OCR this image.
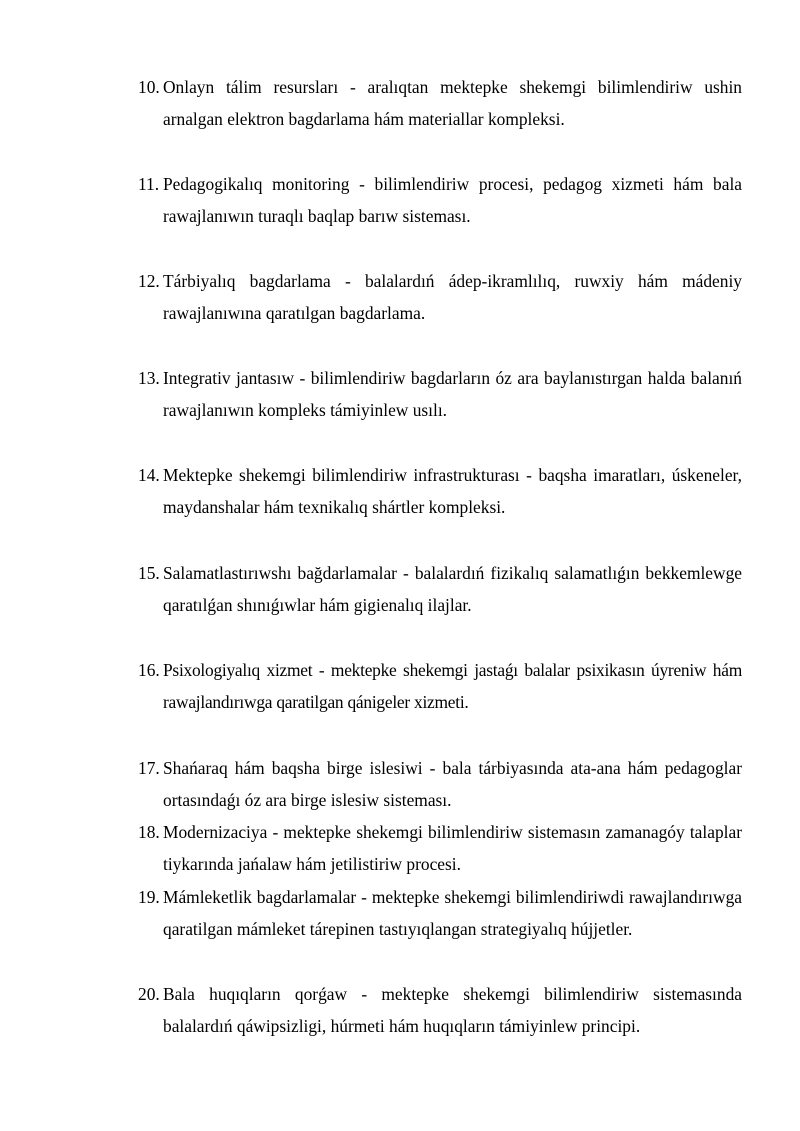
10. Onlayn tálim resursları - aralıqtan mektepke shekemgi bilimlendiriw ushin arnalgan elektron bagdarlama hám materiallar kompleksi.
11. Pedagogikalıq monitoring - bilimlendiriw procesi, pedagog xizmeti hám bala rawajlanıwın turaqlı baqlap barıw sisteması.
12. Tárbiyalıq bagdarlama - balalardıń ádep-ikramlılıq, ruwxiy hám mádeniy rawajlanıwına qaratılgan bagdarlama.
13. Integrativ jantasıw - bilimlendiriw bagdarların óz ara baylanıstırgan halda balanıń rawajlanıwın kompleks támiyinlew usılı.
14. Mektepke shekemgi bilimlendiriw infrastrukturası - baqsha imaratları, úskeneler, maydanshalar hám texnikalıq shártler kompleksi.
15. Salamatlastırıwshı bağdarlamalar - balalardıń fizikalıq salamatlıǵın bekkemlewge qaratılǵan shınıǵıwlar hám gigienalıq ilajlar.
16. Psixologiyalıq xizmet - mektepke shekemgi jastaǵı balalar psixikasın úyreniw hám rawajlandırıwga qaratilgan qánigeler xizmeti.
17. Shańaraq hám baqsha birge islesiwi - bala tárbiyasında ata-ana hám pedagoglar ortasındaǵı óz ara birge islesiw sisteması.
18. Modernizaciya - mektepke shekemgi bilimlendiriw sistemasın zamanagóy talaplar tiykarında jańalaw hám jetilistiriw procesi.
19. Mámleketlik bagdarlamalar - mektepke shekemgi bilimlendiriwdi rawajlandırıwga qaratilgan mámleket tárepinen tastıyıqlangan strategiyalıq hújjetler.
20. Bala huqıqların qorǵaw - mektepke shekemgi bilimlendiriw sistemasında balalardıń qáwipsizligi, húrmeti hám huqıqların támiyinlew principi.
